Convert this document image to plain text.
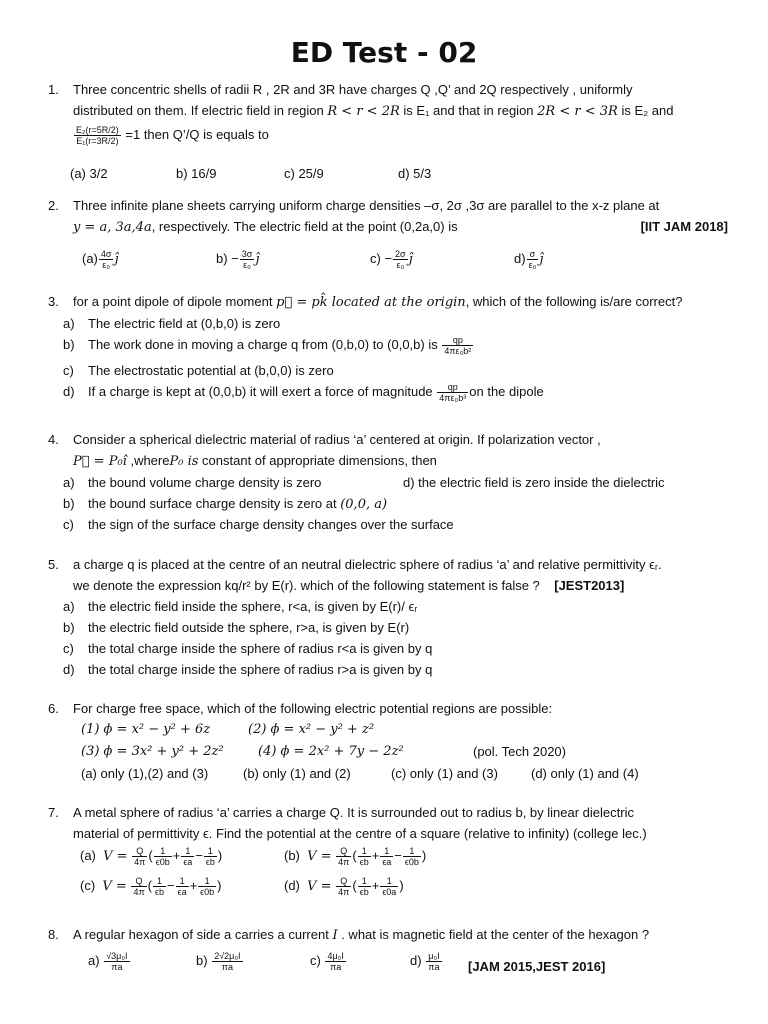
ED Test - 02
1.	Three concentric shells of radii R , 2R and 3R have charges Q ,Q’ and 2Q respectively , uniformly
distributed on them. If electric field in region R < r < 2R is E₁ and that in region 2R < r < 3R is E₂ and
$\frac{\text{E₂(r=5R/2)}}{\text{E₁(r=3R/2)}} =1$ then Q’/Q is equals to
(a) 3/2	b) 16/9	c) 25/9	d) 5/3
2.	Three infinite plane sheets carrying uniform charge densities –σ, 2σ ,3σ are parallel to the x-z plane at
y = a, 3a,4a, respectively. The electric field at the point (0,2a,0) is	[IIT JAM 2018]
$(a) \frac{4\sigma}{\text{ε₀}}$ ĵ	$b) - \frac{3\sigma}{\text{ε₀}}$ ĵ	$c) - \frac{2\sigma}{\text{ε₀}}$ ĵ	$d) \frac{\sigma}{\text{ε₀}}$ ĵ
3.	for a point dipole of dipole moment p⃗ = pk̂ located at the origin, which of the following is/are correct?
a) The electric field at (0,b,0) is zero
b) The work done in moving a charge q from (0,b,0) to (0,0,b) is $\frac{qp}{\text{4πε₀b²}}$
c) The electrostatic potential at (b,0,0) is zero
d) If a charge is kept at (0,0,b) it will exert a force of magnitude $\frac{qp}{\text{4πε₀b³}}$ on the dipole
4.	Consider a spherical dielectric material of radius ‘a’ centered at origin. If polarization vector ,
P⃗ = P₀î ,whereP₀ is constant of appropriate dimensions, then
a) the bound volume charge density is zero	d) the electric field is zero inside the dielectric
b) the bound surface charge density is zero at (0,0, a)
c) the sign of the surface charge density changes over the surface
5.	a charge q is placed at the centre of an neutral dielectric sphere of radius ‘a’ and relative permittivity ϵᵣ.
we denote the expression kq/r² by E(r). which of the following statement is false ? [JEST2013]
a) the electric field inside the sphere, r<a, is given by E(r)/ ϵᵣ
b) the electric field outside the sphere, r>a, is given by E(r)
c) the total charge inside the sphere of radius r<a is given by q
d) the total charge inside the sphere of radius r>a is given by q
6.	For charge free space, which of the following electric potential regions are possible:
(1) ϕ = x² − y² + 6z	(2) ϕ = x² − y² + z²
(3) ϕ = 3x² + y² + 2z²	(4) ϕ = 2x² + 7y − 2z²	(pol. Tech 2020)
(a) only (1),(2) and (3)	(b) only (1) and (2)	(c) only (1) and (3)	(d) only (1) and (4)
7.	A metal sphere of radius ‘a’ carries a charge Q. It is surrounded out to radius b, by linear dielectric
material of permittivity ϵ. Find the potential at the centre of a square (relative to infinity) (college lec.)
(a) $V = \frac{Q}{4\pi}$ ( $\frac{1}{\epsilon 0b} + \frac{1}{\epsilon a} - \frac{1}{\epsilon b}$ )	(b) $V = \frac{Q}{4\pi}$ ( $\frac{1}{\epsilon b} + \frac{1}{\epsilon a} - \frac{1}{\epsilon 0b}$ )
(c) $V = \frac{Q}{4\pi}$ ( $\frac{1}{\epsilon b} - \frac{1}{\epsilon a} + \frac{1}{\epsilon 0b}$ )	(d) $V = \frac{Q}{4\pi}$ ( $\frac{1}{\epsilon b} + \frac{1}{\epsilon 0a}$ )
8.	A regular hexagon of side a carries a current I . what is magnetic field at the center of the hexagon ?
$a) \frac{\text{√3μ₀I}}{\pi a}$	$b) \frac{\text{2√2μ₀I}}{\pi a}$	$c) \frac{\text{4μ₀I}}{\pi a}$	$d) \frac{\text{μ₀I}}{\pi a} [JAM$ 2015,JEST 2016]
